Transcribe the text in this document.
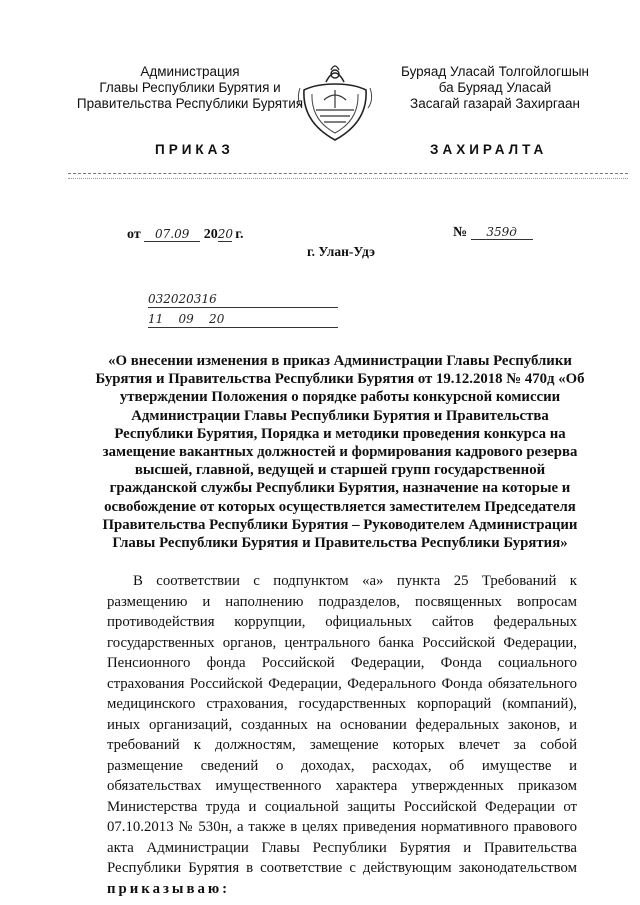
Администрация
Главы Республики Бурятия и
Правительства Республики Бурятия
Буряад Уласай Толгойлогшын
ба Буряад Уласай
Засагай газарай Захиргаан
ПРИКАЗ	ЗАХИРАЛТА
от 07.09 2020 г.	№ 359д
г. Улан-Удэ
032020316
11    09    20
«О внесении изменения в приказ Администрации Главы Республики Бурятия и Правительства Республики Бурятия от 19.12.2018 № 470д «Об утверждении Положения о порядке работы конкурсной комиссии Администрации Главы Республики Бурятия и Правительства Республики Бурятия, Порядка и методики проведения конкурса на замещение вакантных должностей и формирования кадрового резерва высшей, главной, ведущей и старшей групп государственной гражданской службы Республики Бурятия, назначение на которые и освобождение от которых осуществляется заместителем Председателя Правительства Республики Бурятия – Руководителем Администрации Главы Республики Бурятия и Правительства Республики Бурятия»
В соответствии с подпунктом «а» пункта 25 Требований к размещению и наполнению подразделов, посвященных вопросам противодействия коррупции, официальных сайтов федеральных государственных органов, центрального банка Российской Федерации, Пенсионного фонда Российской Федерации, Фонда социального страхования Российской Федерации, Федерального Фонда обязательного медицинского страхования, государственных корпораций (компаний), иных организаций, созданных на основании федеральных законов, и требований к должностям, замещение которых влечет за собой размещение сведений о доходах, расходах, об имуществе и обязательствах имущественного характера утвержденных приказом Министерства труда и социальной защиты Российской Федерации от 07.10.2013 № 530н, а также в целях приведения нормативного правового акта Администрации Главы Республики Бурятия и Правительства Республики Бурятия в соответствие с действующим законодательством приказываю:
